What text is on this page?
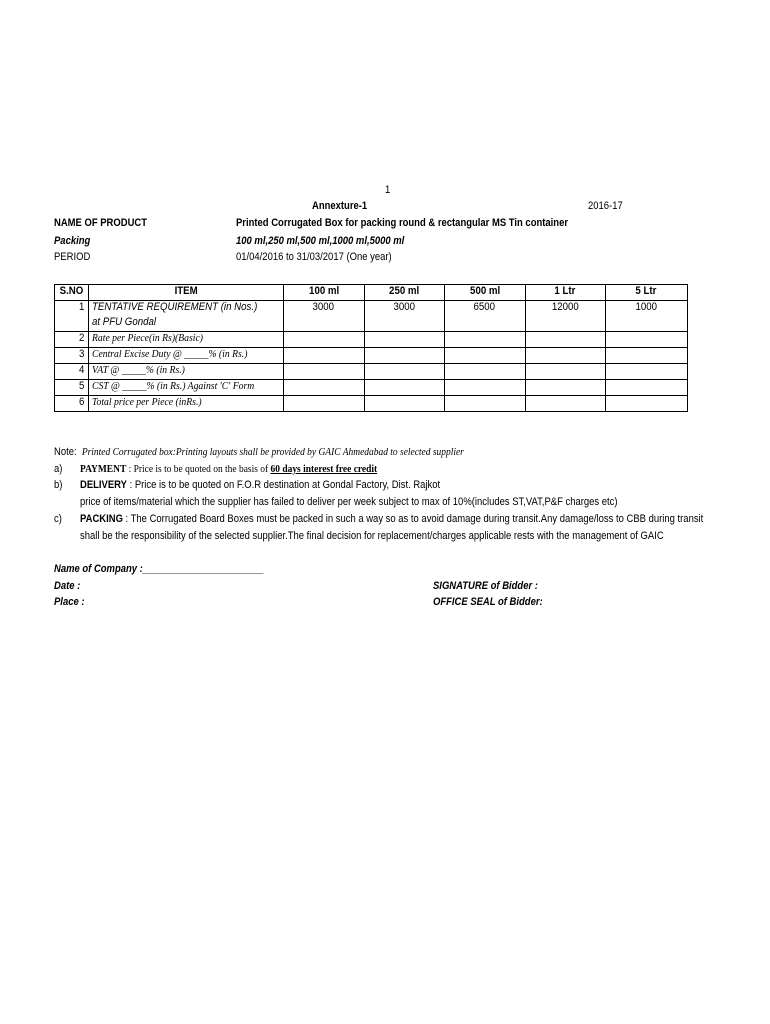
1
Annexture-1	2016-17
NAME OF PRODUCT	Printed Corrugated Box for packing round & rectangular MS Tin container
Packing	100 ml,250 ml,500 ml,1000 ml,5000 ml
PERIOD	01/04/2016 to 31/03/2017 (One year)
S.NO	ITEM	100 ml	250 ml	500 ml	1 Ltr	5 Ltr
1	TENTATIVE REQUIREMENT (in Nos.)	3000	3000	6500	12000	1000
	at PFU Gondal					
2	Rate per Piece(in Rs)(Basic)					
3	Central Excise Duty @ _____% (in Rs.)					
4	VAT @ _____% (in Rs.)					
5	CST @ _____% (in Rs.) Against 'C' Form					
6	Total price per Piece (inRs.)					
Note: Printed Corrugated box:Printing layouts shall be provided by GAIC Ahmedabad to selected supplier
a) PAYMENT : Price is to be quoted on the basis of 60 days interest free credit
b) DELIVERY : Price is to be quoted on F.O.R destination at Gondal Factory, Dist. Rajkot
price of items/material which the supplier has failed to deliver per week subject to max of 10%(includes ST,VAT,P&F charges etc)
c) PACKING : The Corrugated Board Boxes must be packed in such a way so as to avoid damage during transit.Any damage/loss to CBB during transit
shall be the responsibility of the selected supplier.The final decision for replacement/charges applicable rests with the management of GAIC
Name of Company :_______________________
Date :	SIGNATURE of Bidder :
Place :	OFFICE SEAL of Bidder:
